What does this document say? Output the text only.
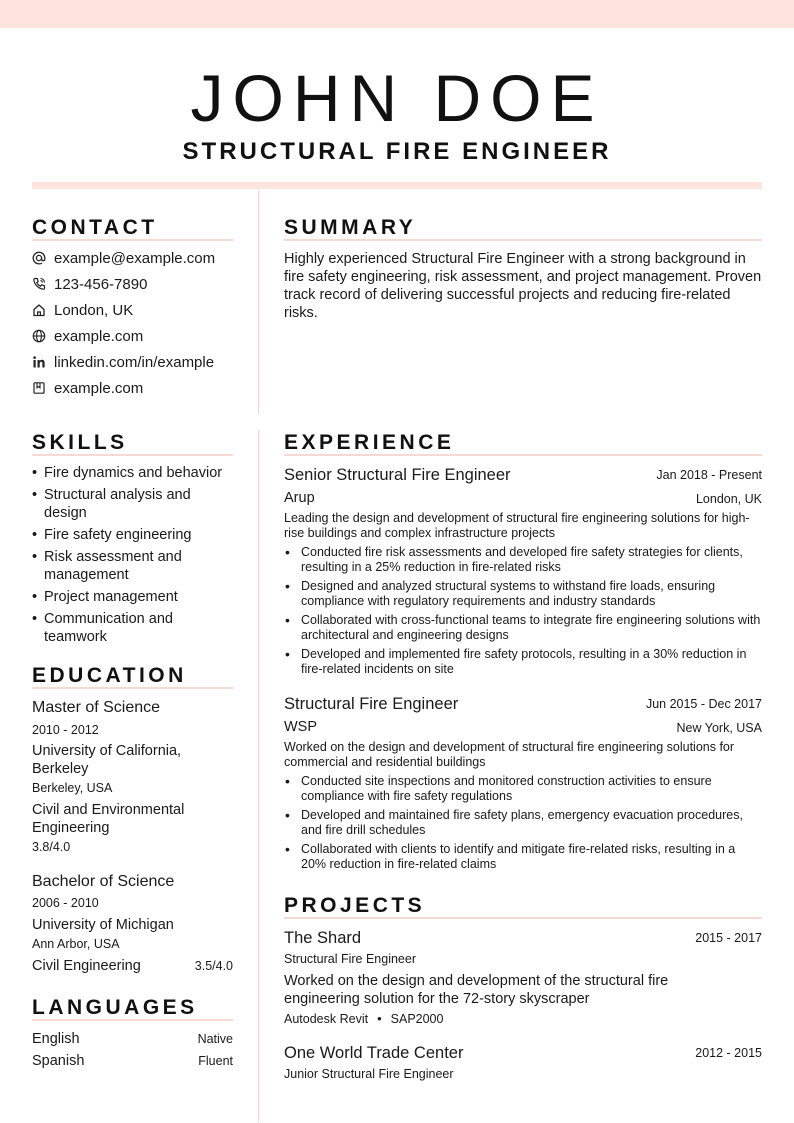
JOHN DOE
STRUCTURAL FIRE ENGINEER
CONTACT
example@example.com
123-456-7890
London, UK
example.com
linkedin.com/in/example
example.com
SUMMARY
Highly experienced Structural Fire Engineer with a strong background in fire safety engineering, risk assessment, and project management. Proven track record of delivering successful projects and reducing fire-related risks.
SKILLS
• Fire dynamics and behavior
• Structural analysis and design
• Fire safety engineering
• Risk assessment and management
• Project management
• Communication and teamwork
EDUCATION
Master of Science
2010 - 2012
University of California, Berkeley
Berkeley, USA
Civil and Environmental Engineering
3.8/4.0
Bachelor of Science
2006 - 2010
University of Michigan
Ann Arbor, USA
Civil Engineering	3.5/4.0
LANGUAGES
English	Native
Spanish	Fluent
EXPERIENCE
Senior Structural Fire Engineer	Jan 2018 - Present
Arup	London, UK
Leading the design and development of structural fire engineering solutions for high-rise buildings and complex infrastructure projects
• Conducted fire risk assessments and developed fire safety strategies for clients, resulting in a 25% reduction in fire-related risks
• Designed and analyzed structural systems to withstand fire loads, ensuring compliance with regulatory requirements and industry standards
• Collaborated with cross-functional teams to integrate fire engineering solutions with architectural and engineering designs
• Developed and implemented fire safety protocols, resulting in a 30% reduction in fire-related incidents on site
Structural Fire Engineer	Jun 2015 - Dec 2017
WSP	New York, USA
Worked on the design and development of structural fire engineering solutions for commercial and residential buildings
• Conducted site inspections and monitored construction activities to ensure compliance with fire safety regulations
• Developed and maintained fire safety plans, emergency evacuation procedures, and fire drill schedules
• Collaborated with clients to identify and mitigate fire-related risks, resulting in a 20% reduction in fire-related claims
PROJECTS
The Shard	2015 - 2017
Structural Fire Engineer
Worked on the design and development of the structural fire engineering solution for the 72-story skyscraper
Autodesk Revit • SAP2000
One World Trade Center	2012 - 2015
Junior Structural Fire Engineer
